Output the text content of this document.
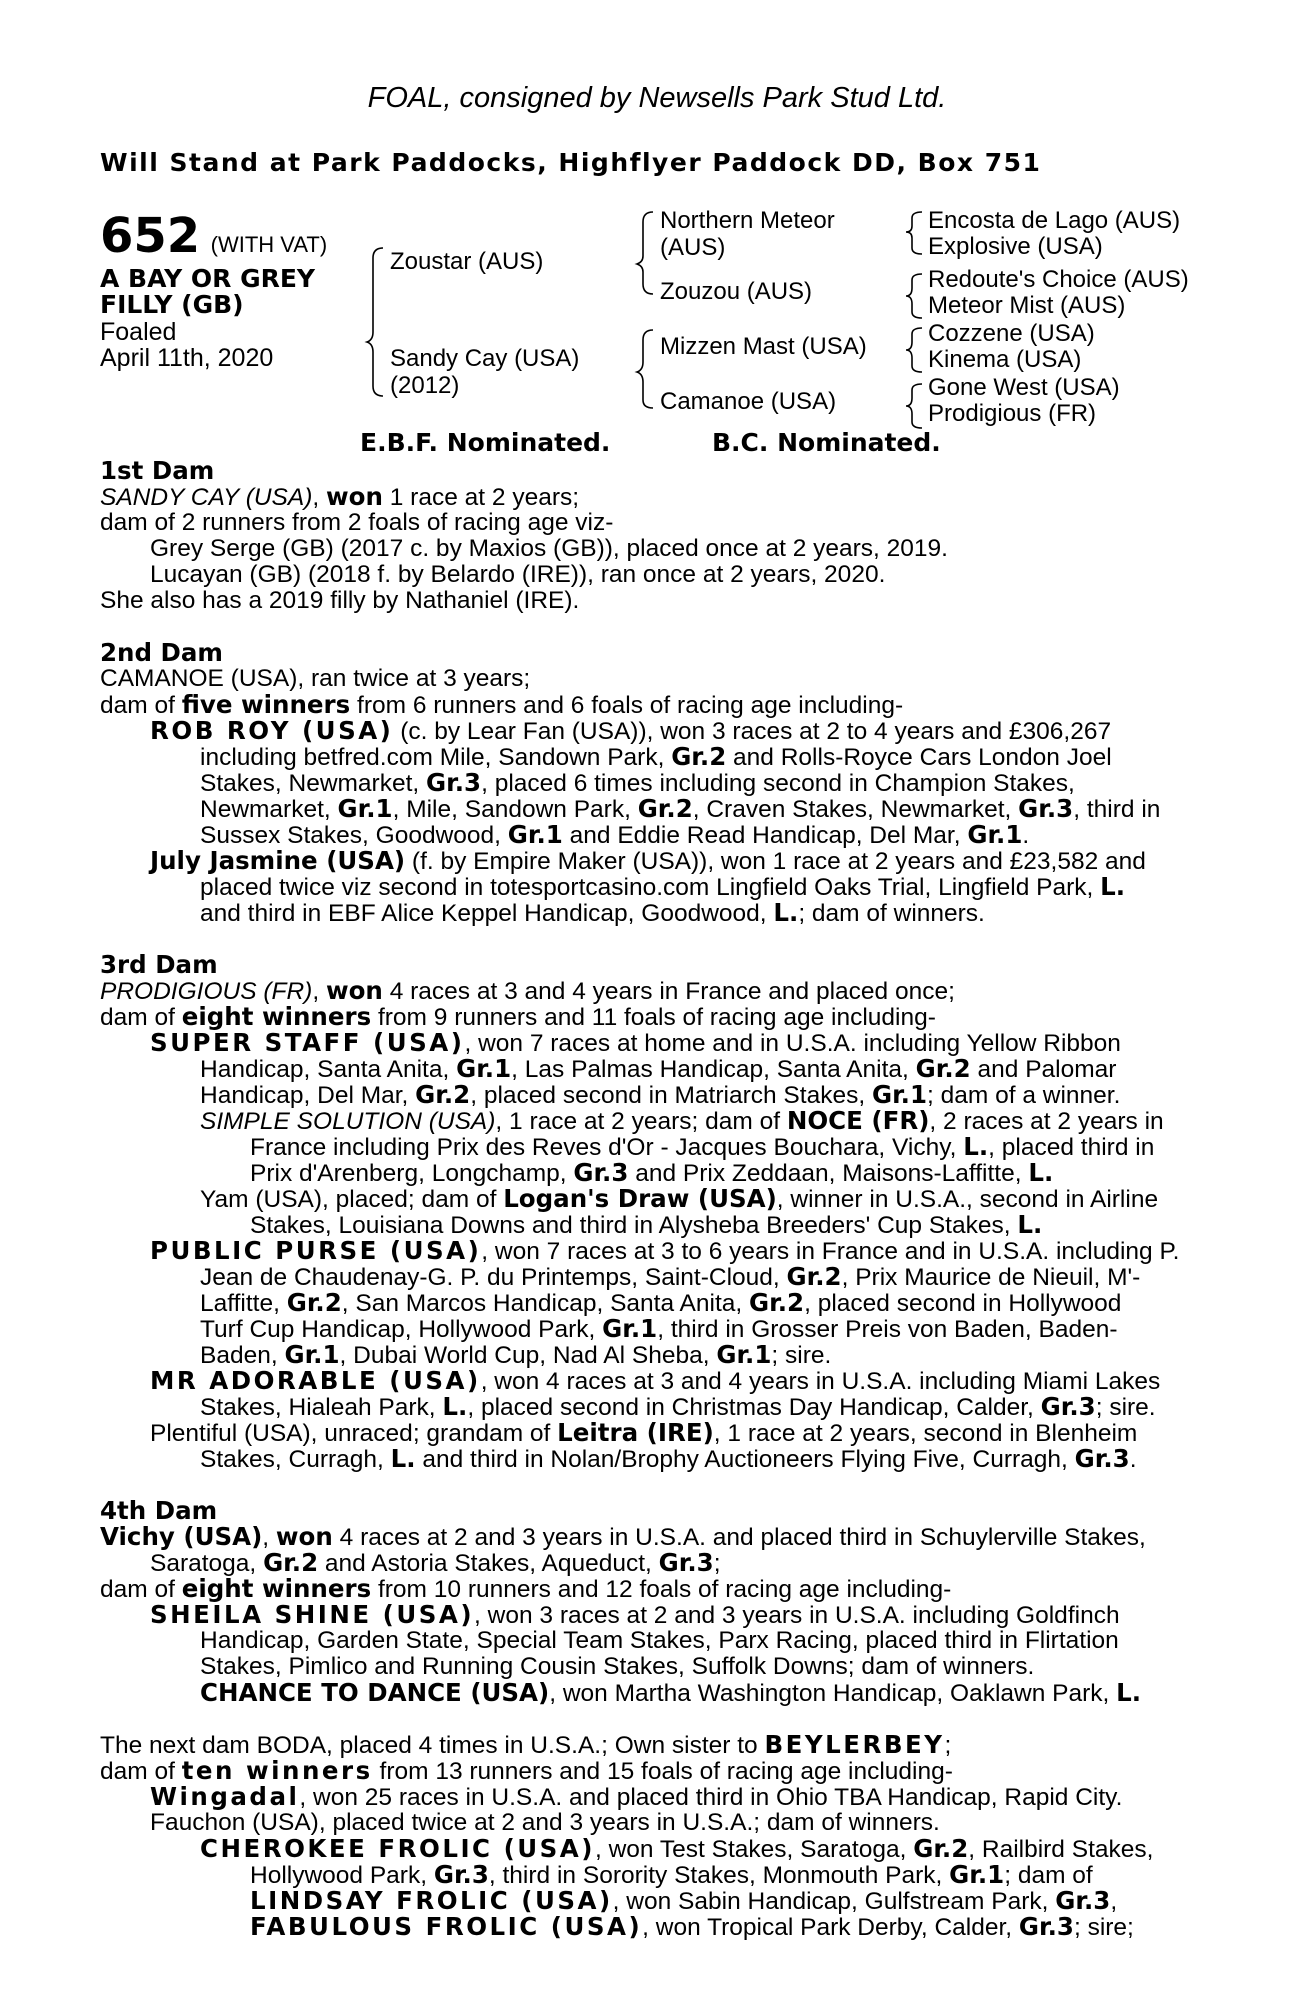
FOAL, consigned by Newsells Park Stud Ltd.
Will Stand at Park Paddocks, Highflyer Paddock DD, Box 751
652 (WITH VAT)
A BAY OR GREY
FILLY (GB)
Foaled
April 11th, 2020
Zoustar (AUS)
Sandy Cay (USA)
(2012)
Northern Meteor
(AUS)
Zouzou (AUS)
Mizzen Mast (USA)
Camanoe (USA)
Encosta de Lago (AUS)
Explosive (USA)
Redoute's Choice (AUS)
Meteor Mist (AUS)
Cozzene (USA)
Kinema (USA)
Gone West (USA)
Prodigious (FR)
E.B.F. Nominated.	B.C. Nominated.
1st Dam
SANDY CAY (USA), won 1 race at 2 years;
dam of 2 runners from 2 foals of racing age viz-
Grey Serge (GB) (2017 c. by Maxios (GB)), placed once at 2 years, 2019.
Lucayan (GB) (2018 f. by Belardo (IRE)), ran once at 2 years, 2020.
She also has a 2019 filly by Nathaniel (IRE).
2nd Dam
CAMANOE (USA), ran twice at 3 years;
dam of five winners from 6 runners and 6 foals of racing age including-
ROB ROY (USA) (c. by Lear Fan (USA)), won 3 races at 2 to 4 years and £306,267
including betfred.com Mile, Sandown Park, Gr.2 and Rolls-Royce Cars London Joel
Stakes, Newmarket, Gr.3, placed 6 times including second in Champion Stakes,
Newmarket, Gr.1, Mile, Sandown Park, Gr.2, Craven Stakes, Newmarket, Gr.3, third in
Sussex Stakes, Goodwood, Gr.1 and Eddie Read Handicap, Del Mar, Gr.1.
July Jasmine (USA) (f. by Empire Maker (USA)), won 1 race at 2 years and £23,582 and
placed twice viz second in totesportcasino.com Lingfield Oaks Trial, Lingfield Park, L.
and third in EBF Alice Keppel Handicap, Goodwood, L.; dam of winners.
3rd Dam
PRODIGIOUS (FR), won 4 races at 3 and 4 years in France and placed once;
dam of eight winners from 9 runners and 11 foals of racing age including-
SUPER STAFF (USA), won 7 races at home and in U.S.A. including Yellow Ribbon
Handicap, Santa Anita, Gr.1, Las Palmas Handicap, Santa Anita, Gr.2 and Palomar
Handicap, Del Mar, Gr.2, placed second in Matriarch Stakes, Gr.1; dam of a winner.
SIMPLE SOLUTION (USA), 1 race at 2 years; dam of NOCE (FR), 2 races at 2 years in
France including Prix des Reves d'Or - Jacques Bouchara, Vichy, L., placed third in
Prix d'Arenberg, Longchamp, Gr.3 and Prix Zeddaan, Maisons-Laffitte, L.
Yam (USA), placed; dam of Logan's Draw (USA), winner in U.S.A., second in Airline
Stakes, Louisiana Downs and third in Alysheba Breeders' Cup Stakes, L.
PUBLIC PURSE (USA), won 7 races at 3 to 6 years in France and in U.S.A. including P.
Jean de Chaudenay-G. P. du Printemps, Saint-Cloud, Gr.2, Prix Maurice de Nieuil, M'-
Laffitte, Gr.2, San Marcos Handicap, Santa Anita, Gr.2, placed second in Hollywood
Turf Cup Handicap, Hollywood Park, Gr.1, third in Grosser Preis von Baden, Baden-
Baden, Gr.1, Dubai World Cup, Nad Al Sheba, Gr.1; sire.
MR ADORABLE (USA), won 4 races at 3 and 4 years in U.S.A. including Miami Lakes
Stakes, Hialeah Park, L., placed second in Christmas Day Handicap, Calder, Gr.3; sire.
Plentiful (USA), unraced; grandam of Leitra (IRE), 1 race at 2 years, second in Blenheim
Stakes, Curragh, L. and third in Nolan/Brophy Auctioneers Flying Five, Curragh, Gr.3.
4th Dam
Vichy (USA), won 4 races at 2 and 3 years in U.S.A. and placed third in Schuylerville Stakes,
Saratoga, Gr.2 and Astoria Stakes, Aqueduct, Gr.3;
dam of eight winners from 10 runners and 12 foals of racing age including-
SHEILA SHINE (USA), won 3 races at 2 and 3 years in U.S.A. including Goldfinch
Handicap, Garden State, Special Team Stakes, Parx Racing, placed third in Flirtation
Stakes, Pimlico and Running Cousin Stakes, Suffolk Downs; dam of winners.
CHANCE TO DANCE (USA), won Martha Washington Handicap, Oaklawn Park, L.
The next dam BODA, placed 4 times in U.S.A.; Own sister to BEYLERBEY;
dam of ten winners from 13 runners and 15 foals of racing age including-
Wingadal, won 25 races in U.S.A. and placed third in Ohio TBA Handicap, Rapid City.
Fauchon (USA), placed twice at 2 and 3 years in U.S.A.; dam of winners.
CHEROKEE FROLIC (USA), won Test Stakes, Saratoga, Gr.2, Railbird Stakes,
Hollywood Park, Gr.3, third in Sorority Stakes, Monmouth Park, Gr.1; dam of
LINDSAY FROLIC (USA), won Sabin Handicap, Gulfstream Park, Gr.3,
FABULOUS FROLIC (USA), won Tropical Park Derby, Calder, Gr.3; sire;
